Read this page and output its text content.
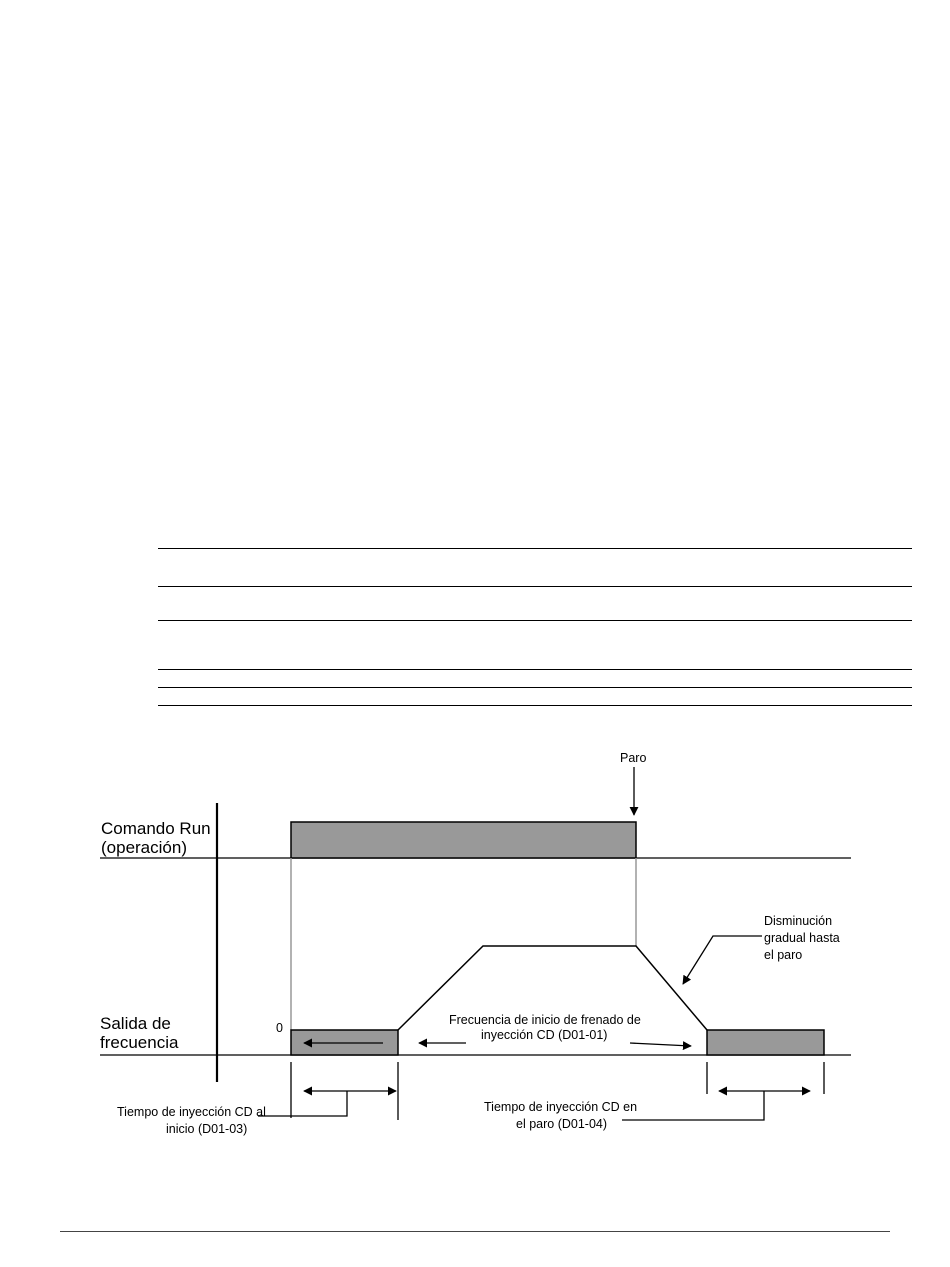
Paro
Comando Run
(operación)
Salida de
frecuencia
0
Frecuencia de inicio de frenado de
inyección CD (D01-01)
Disminución
gradual hasta
el paro
Tiempo de inyección CD al
inicio (D01-03)
Tiempo de inyección CD en
el paro (D01-04)
